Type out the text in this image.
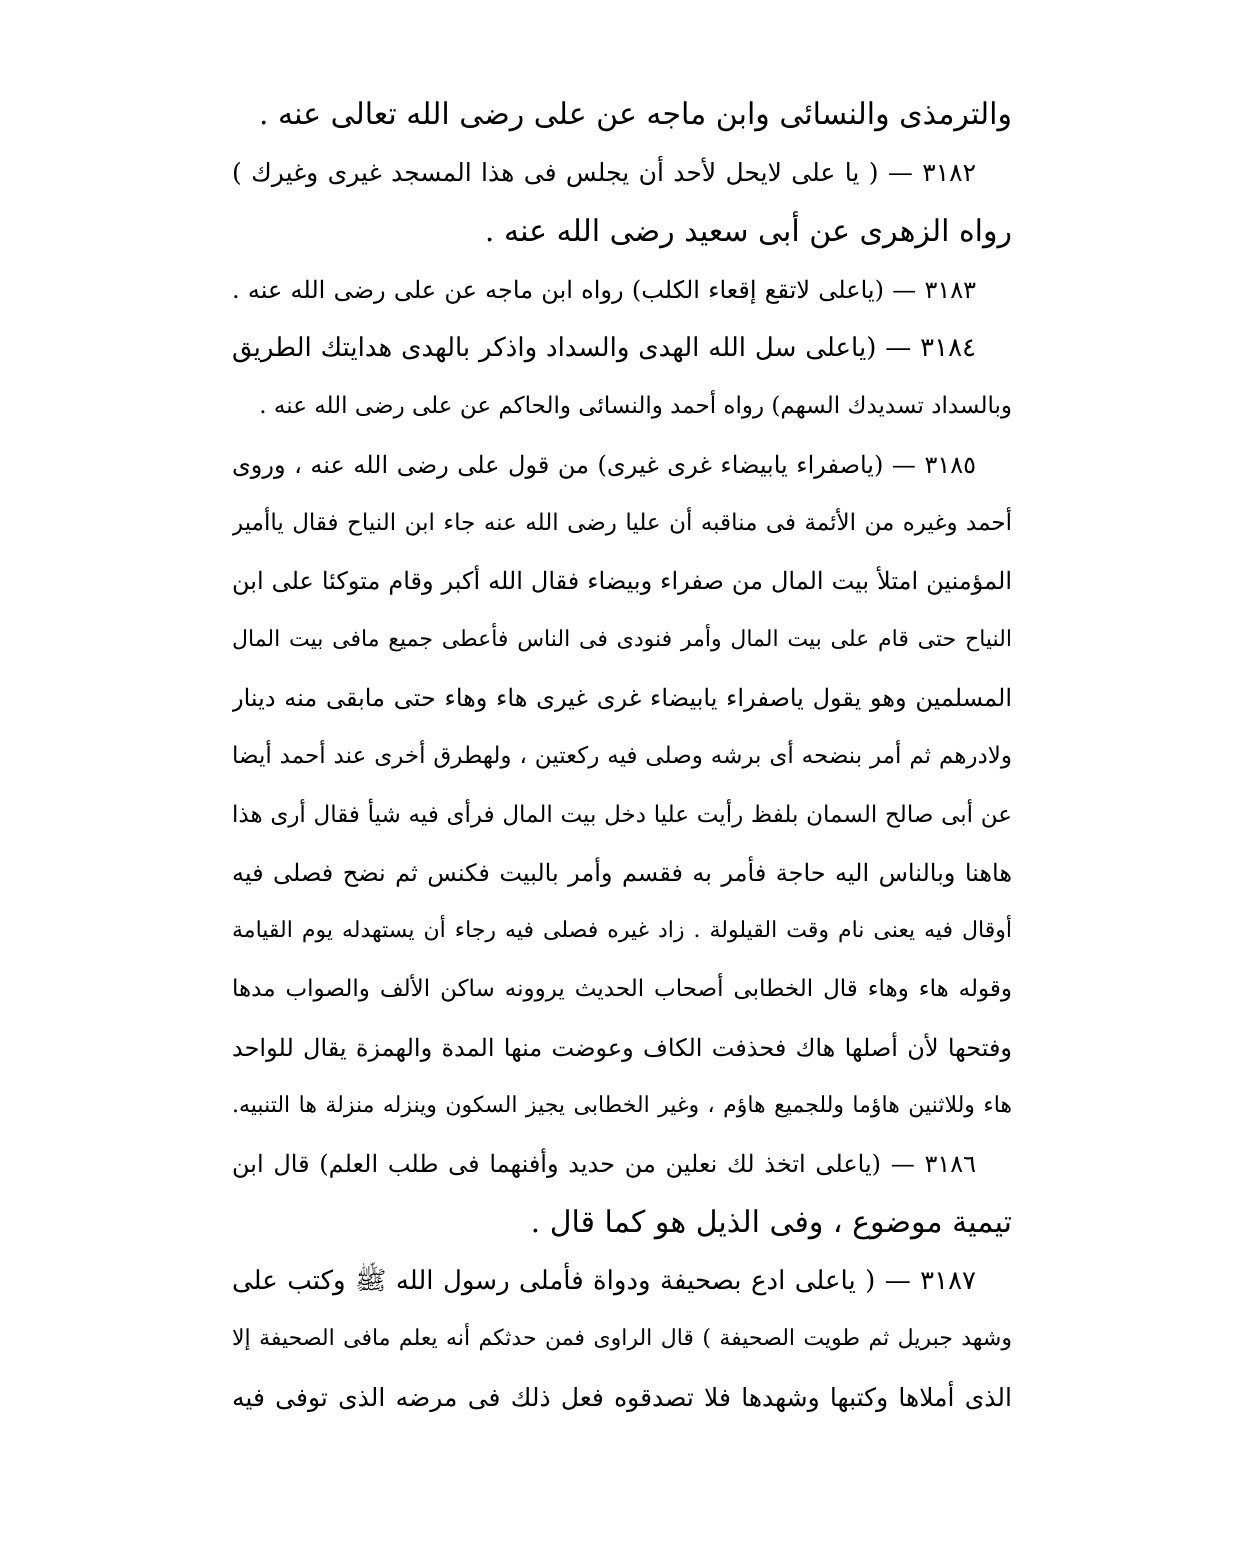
والترمذى والنسائى وابن ماجه عن على رضى الله تعالى عنه .
٣١٨٢ — ( يا على لايحل لأحد أن يجلس فى هذا المسجد غيرى وغيرك )
رواه الزهرى عن أبى سعيد رضى الله عنه .
٣١٨٣ — (ياعلى لاتقع إقعاء الكلب) رواه ابن ماجه عن على رضى الله عنه .
٣١٨٤ — (ياعلى سل الله الهدى والسداد واذكر بالهدى هدايتك الطريق
وبالسداد تسديدك السهم) رواه أحمد والنسائى والحاكم عن على رضى الله عنه .
٣١٨٥ — (ياصفراء يابيضاء غرى غيرى) من قول على رضى الله عنه ، وروى
أحمد وغيره من الأئمة فى مناقبه أن عليا رضى الله عنه جاء ابن النياح فقال ياأمير
المؤمنين امتلأ بيت المال من صفراء وبيضاء فقال الله أكبر وقام متوكئا على ابن
النياح حتى قام على بيت المال وأمر فنودى فى الناس فأعطى جميع مافى بيت المال
المسلمين وهو يقول ياصفراء يابيضاء غرى غيرى هاء وهاء حتى مابقى منه دينار
ولادرهم ثم أمر بنضحه أى برشه وصلى فيه ركعتين ، ولهطرق أخرى عند أحمد أيضا
عن أبى صالح السمان بلفظ رأيت عليا دخل بيت المال فرأى فيه شيأ فقال أرى هذا
هاهنا وبالناس اليه حاجة فأمر به فقسم وأمر بالبيت فكنس ثم نضح فصلى فيه
أوقال فيه يعنى نام وقت القيلولة . زاد غيره فصلى فيه رجاء أن يستهدله يوم القيامة
وقوله هاء وهاء قال الخطابى أصحاب الحديث يروونه ساكن الألف والصواب مدها
وفتحها لأن أصلها هاك فحذفت الكاف وعوضت منها المدة والهمزة يقال للواحد
هاء وللاثنين هاؤما وللجميع هاؤم ، وغير الخطابى يجيز السكون وينزله منزلة ها التنبيه.
٣١٨٦ — (ياعلى اتخذ لك نعلين من حديد وأفنهما فى طلب العلم) قال ابن
تيمية موضوع ، وفى الذيل هو كما قال .
٣١٨٧ — ( ياعلى ادع بصحيفة ودواة فأملى رسول الله ﷺ وكتب على
وشهد جبريل ثم طويت الصحيفة ) قال الراوى فمن حدثكم أنه يعلم مافى الصحيفة إلا
الذى أملاها وكتبها وشهدها فلا تصدقوه فعل ذلك فى مرضه الذى توفى فيه
